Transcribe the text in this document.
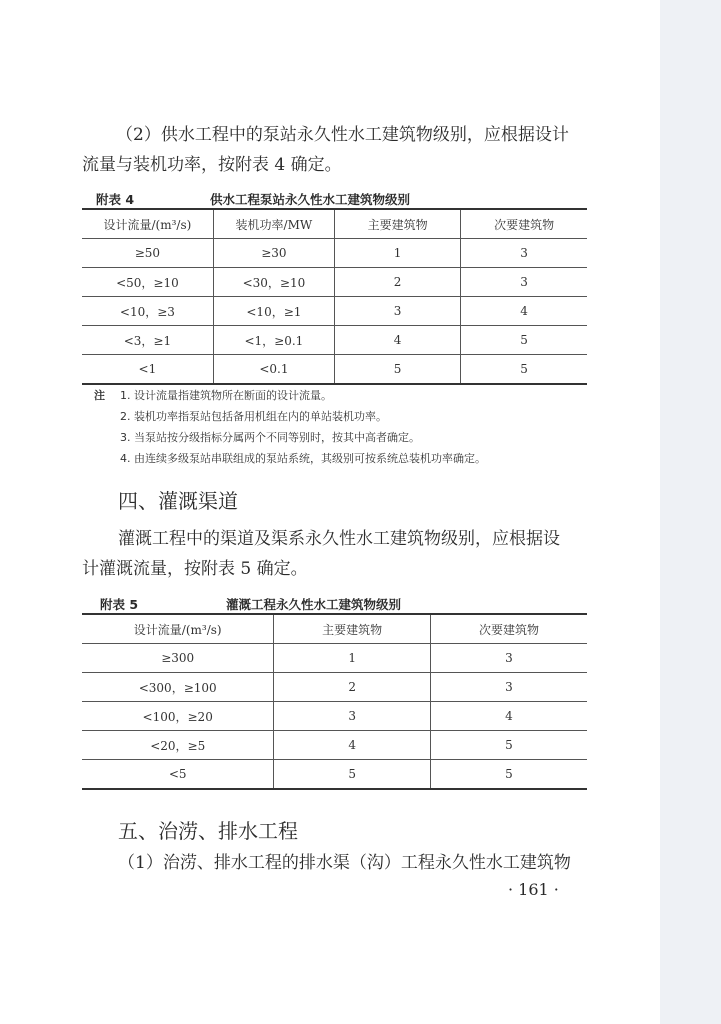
（2）供水工程中的泵站永久性水工建筑物级别，应根据设计

流量与装机功率，按附表 4 确定。

附表 4	供水工程泵站永久性水工建筑物级别
设计流量/(m³/s)	装机功率/MW	主要建筑物	次要建筑物
≥50	≥30	1	3
<50，≥10	<30，≥10	2	3
<10，≥3	<10，≥1	3	4
<3，≥1	<1，≥0.1	4	5
<1	<0.1	5	5
注 1. 设计流量指建筑物所在断面的设计流量。
2. 装机功率指泵站包括备用机组在内的单站装机功率。
3. 当泵站按分级指标分属两个不同等别时，按其中高者确定。
4. 由连续多级泵站串联组成的泵站系统，其级别可按系统总装机功率确定。
四、灌溉渠道

灌溉工程中的渠道及渠系永久性水工建筑物级别，应根据设

计灌溉流量，按附表 5 确定。

附表 5	灌溉工程永久性水工建筑物级别
设计流量/(m³/s)	主要建筑物	次要建筑物
≥300	1	3
<300，≥100	2	3
<100，≥20	3	4
<20，≥5	4	5
<5	5	5
五、治涝、排水工程

（1）治涝、排水工程的排水渠（沟）工程永久性水工建筑物

· 161 ·
